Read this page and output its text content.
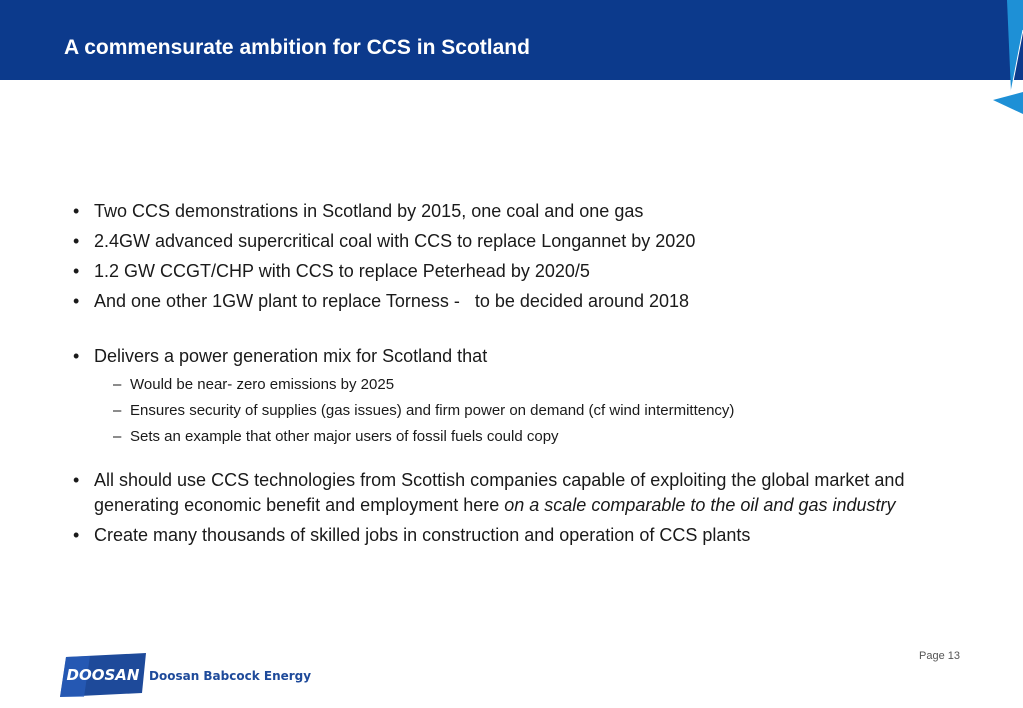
A commensurate ambition for CCS in Scotland
• Two CCS demonstrations in Scotland by 2015, one coal and one gas
• 2.4GW advanced supercritical coal with CCS to replace Longannet by 2020
• 1.2 GW CCGT/CHP with CCS to replace Peterhead by 2020/5
• And one other 1GW plant to replace Torness -   to be decided around 2018
• Delivers a power generation mix for Scotland that
– Would be near- zero emissions by 2025
– Ensures security of supplies (gas issues) and firm power on demand (cf wind intermittency)
– Sets an example that other major users of fossil fuels could copy
• All should use CCS technologies from Scottish companies capable of exploiting the global market and generating economic benefit and employment here on a scale comparable to the oil and gas industry
• Create many thousands of skilled jobs in construction and operation of CCS plants
Page 13
DOOSAN Doosan Babcock Energy
